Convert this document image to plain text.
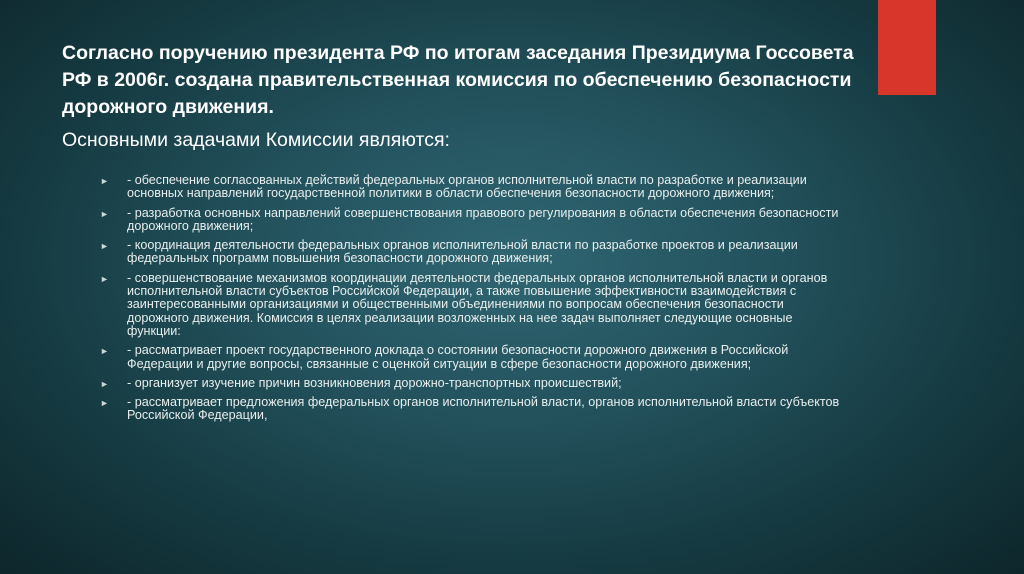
Согласно поручению президента РФ по итогам заседания Президиума Госсовета РФ в 2006г. создана правительственная комиссия по обеспечению безопасности дорожного движения.
Основными задачами Комиссии являются:
► - обеспечение согласованных действий федеральных органов исполнительной власти по разработке и реализации основных направлений государственной политики в области обеспечения безопасности дорожного движения;
► - разработка основных направлений совершенствования правового регулирования в области обеспечения безопасности дорожного движения;
► - координация деятельности федеральных органов исполнительной власти по разработке проектов и реализации федеральных программ повышения безопасности дорожного движения;
► - совершенствование механизмов координации деятельности федеральных органов исполнительной власти и органов исполнительной власти субъектов Российской Федерации, а также повышение эффективности взаимодействия с заинтересованными организациями и общественными объединениями по вопросам обеспечения безопасности дорожного движения. Комиссия в целях реализации возложенных на нее задач выполняет следующие основные функции:
► - рассматривает проект государственного доклада о состоянии безопасности дорожного движения в Российской Федерации и другие вопросы, связанные с оценкой ситуации в сфере безопасности дорожного движения;
► - организует изучение причин возникновения дорожно-транспортных происшествий;
► - рассматривает предложения федеральных органов исполнительной власти, органов исполнительной власти субъектов Российской Федерации,
